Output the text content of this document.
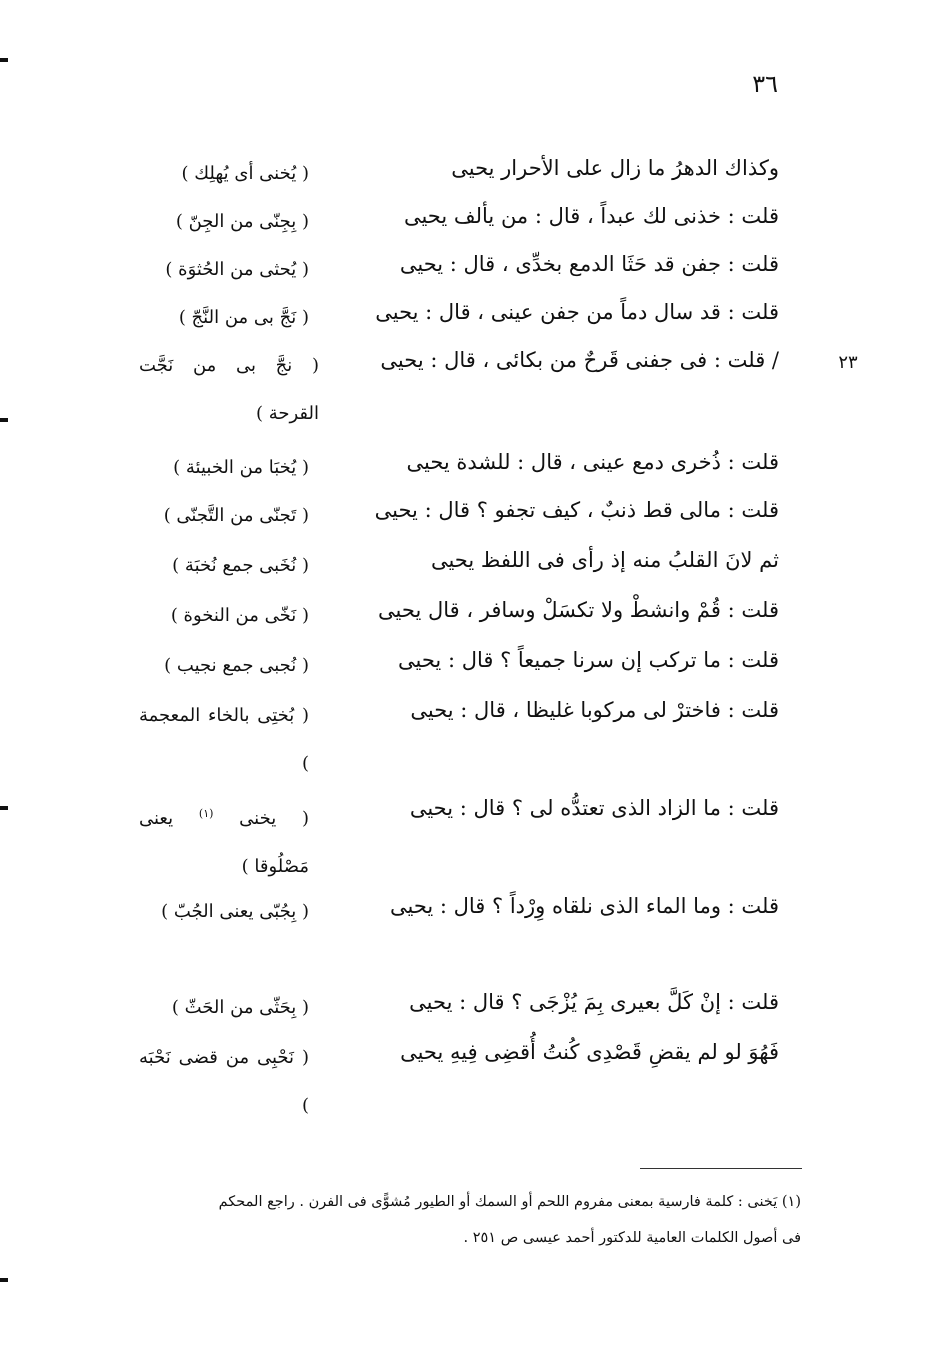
٣٦
٢٣
وكذاك الدهرُ ما زال على الأحرار يحيى
( يُخنى أى يُهلِك )
قلت : خذنى لك عبداً ، قال : من يألف يحيى
( بِجِنّى من الجِنّ )
قلت : جفن قد حَثَا الدمع بخدِّى ، قال : يحيى
( يُحثى من الحُثوَة )
قلت : قد سال دماً من جفن عينى ، قال : يحيى
( نَجَّ بى من النَّجّ )
/ قلت : فى جفنى قَرحٌ من بكائى ، قال : يحيى
( نجَّ بى من نَجَّت القرحة )
قلت : ذُخرى دمع عينى ، قال : للشدة يحيى
( يُخبَا من الخبيئة )
قلت : مالى قط ذنبٌ ، كيف تجفو ؟ قال : يحيى
( تَجنّى من التَّجنّى )
ثم لانَ القلبُ منه إذ رأى فى اللفظ يحيى
( نُخَبى جمع نُخبَة )
قلت : قُمْ وانشطْ ولا تكسَلْ وسافر ، قال يحيى
( نَخّى من النخوة )
قلت : ما تركب إن سرنا جميعاً ؟ قال : يحيى
( نُجبى جمع نجيب )
قلت : فاخترْ لى مركوبا غليظا ، قال : يحيى
( بُختِى بالخاء المعجمة )
قلت : ما الزاد الذى تعتدُّه لى ؟ قال : يحيى
( يخنى $^{(١)}$ يعنى مَصْلُوقا )
قلت : وما الماء الذى نلقاه وِرْداً ؟ قال : يحيى
( بِجُبّى يعنى الجُبّ )
قلت : إنْ كَلَّ بعيرى بِمَ يُزْجَى ؟ قال : يحيى
( بِحَثّى من الحَثّ )
فَهُوَ لو لم يقضِ قَصْدِى كُنتُ أُقضِى فِيهِ يحيى
( نَحْبِى من قضى نَحْبَه )
(١) يَخنى : كلمة فارسية بمعنى مفروم اللحم أو السمك أو الطيور مُشوًّى فى الفرن . راجع المحكم
فى أصول الكلمات العامية للدكتور أحمد عيسى ص ٢٥١ .
